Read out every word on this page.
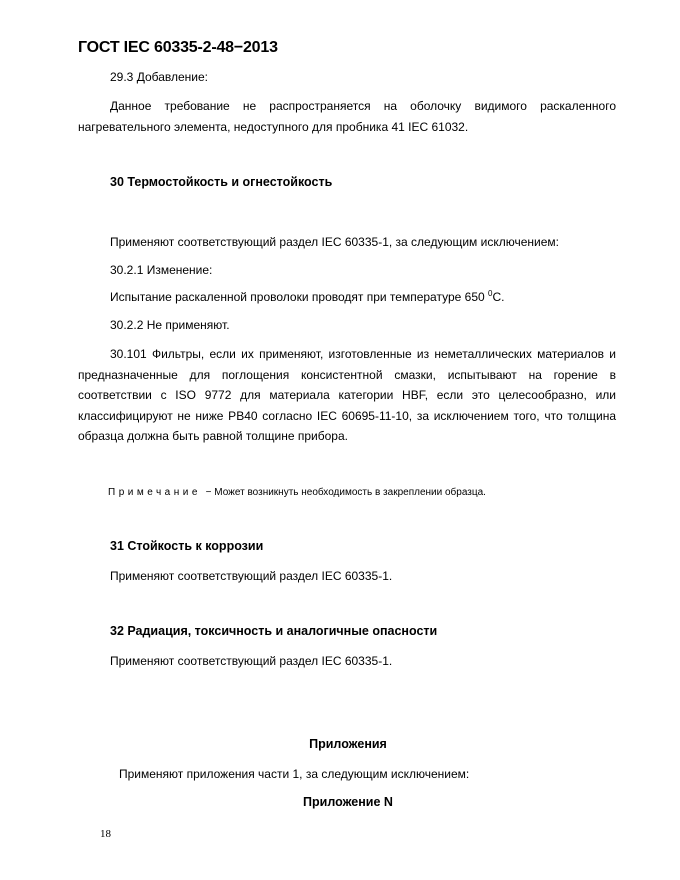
ГОСТ IEC 60335-2-48−2013
29.3 Добавление:
Данное требование не распространяется на оболочку видимого раскаленного нагревательного элемента, недоступного для пробника 41 IEC 61032.
30 Термостойкость и огнестойкость
Применяют соответствующий раздел IEC 60335-1, за следующим исключением:
30.2.1 Изменение:
Испытание раскаленной проволоки проводят при температуре 650 $^0$С.
30.2.2 Не применяют.
30.101 Фильтры, если их применяют, изготовленные из неметаллических материалов и предназначенные для поглощения консистентной смазки, испытывают на горение в соответствии с ISO 9772 для материала категории HBF, если это целесообразно, или классифицируют не ниже PB40 согласно IEC 60695-11-10, за исключением того, что толщина образца должна быть равной толщине прибора.
Примечание − Может возникнуть необходимость в закреплении образца.
31 Стойкость к коррозии
Применяют соответствующий раздел IEC 60335-1.
32 Радиация, токсичность и аналогичные опасности
Применяют соответствующий раздел IEC 60335-1.
Приложения
Применяют приложения части 1, за следующим исключением:
Приложение N
18
